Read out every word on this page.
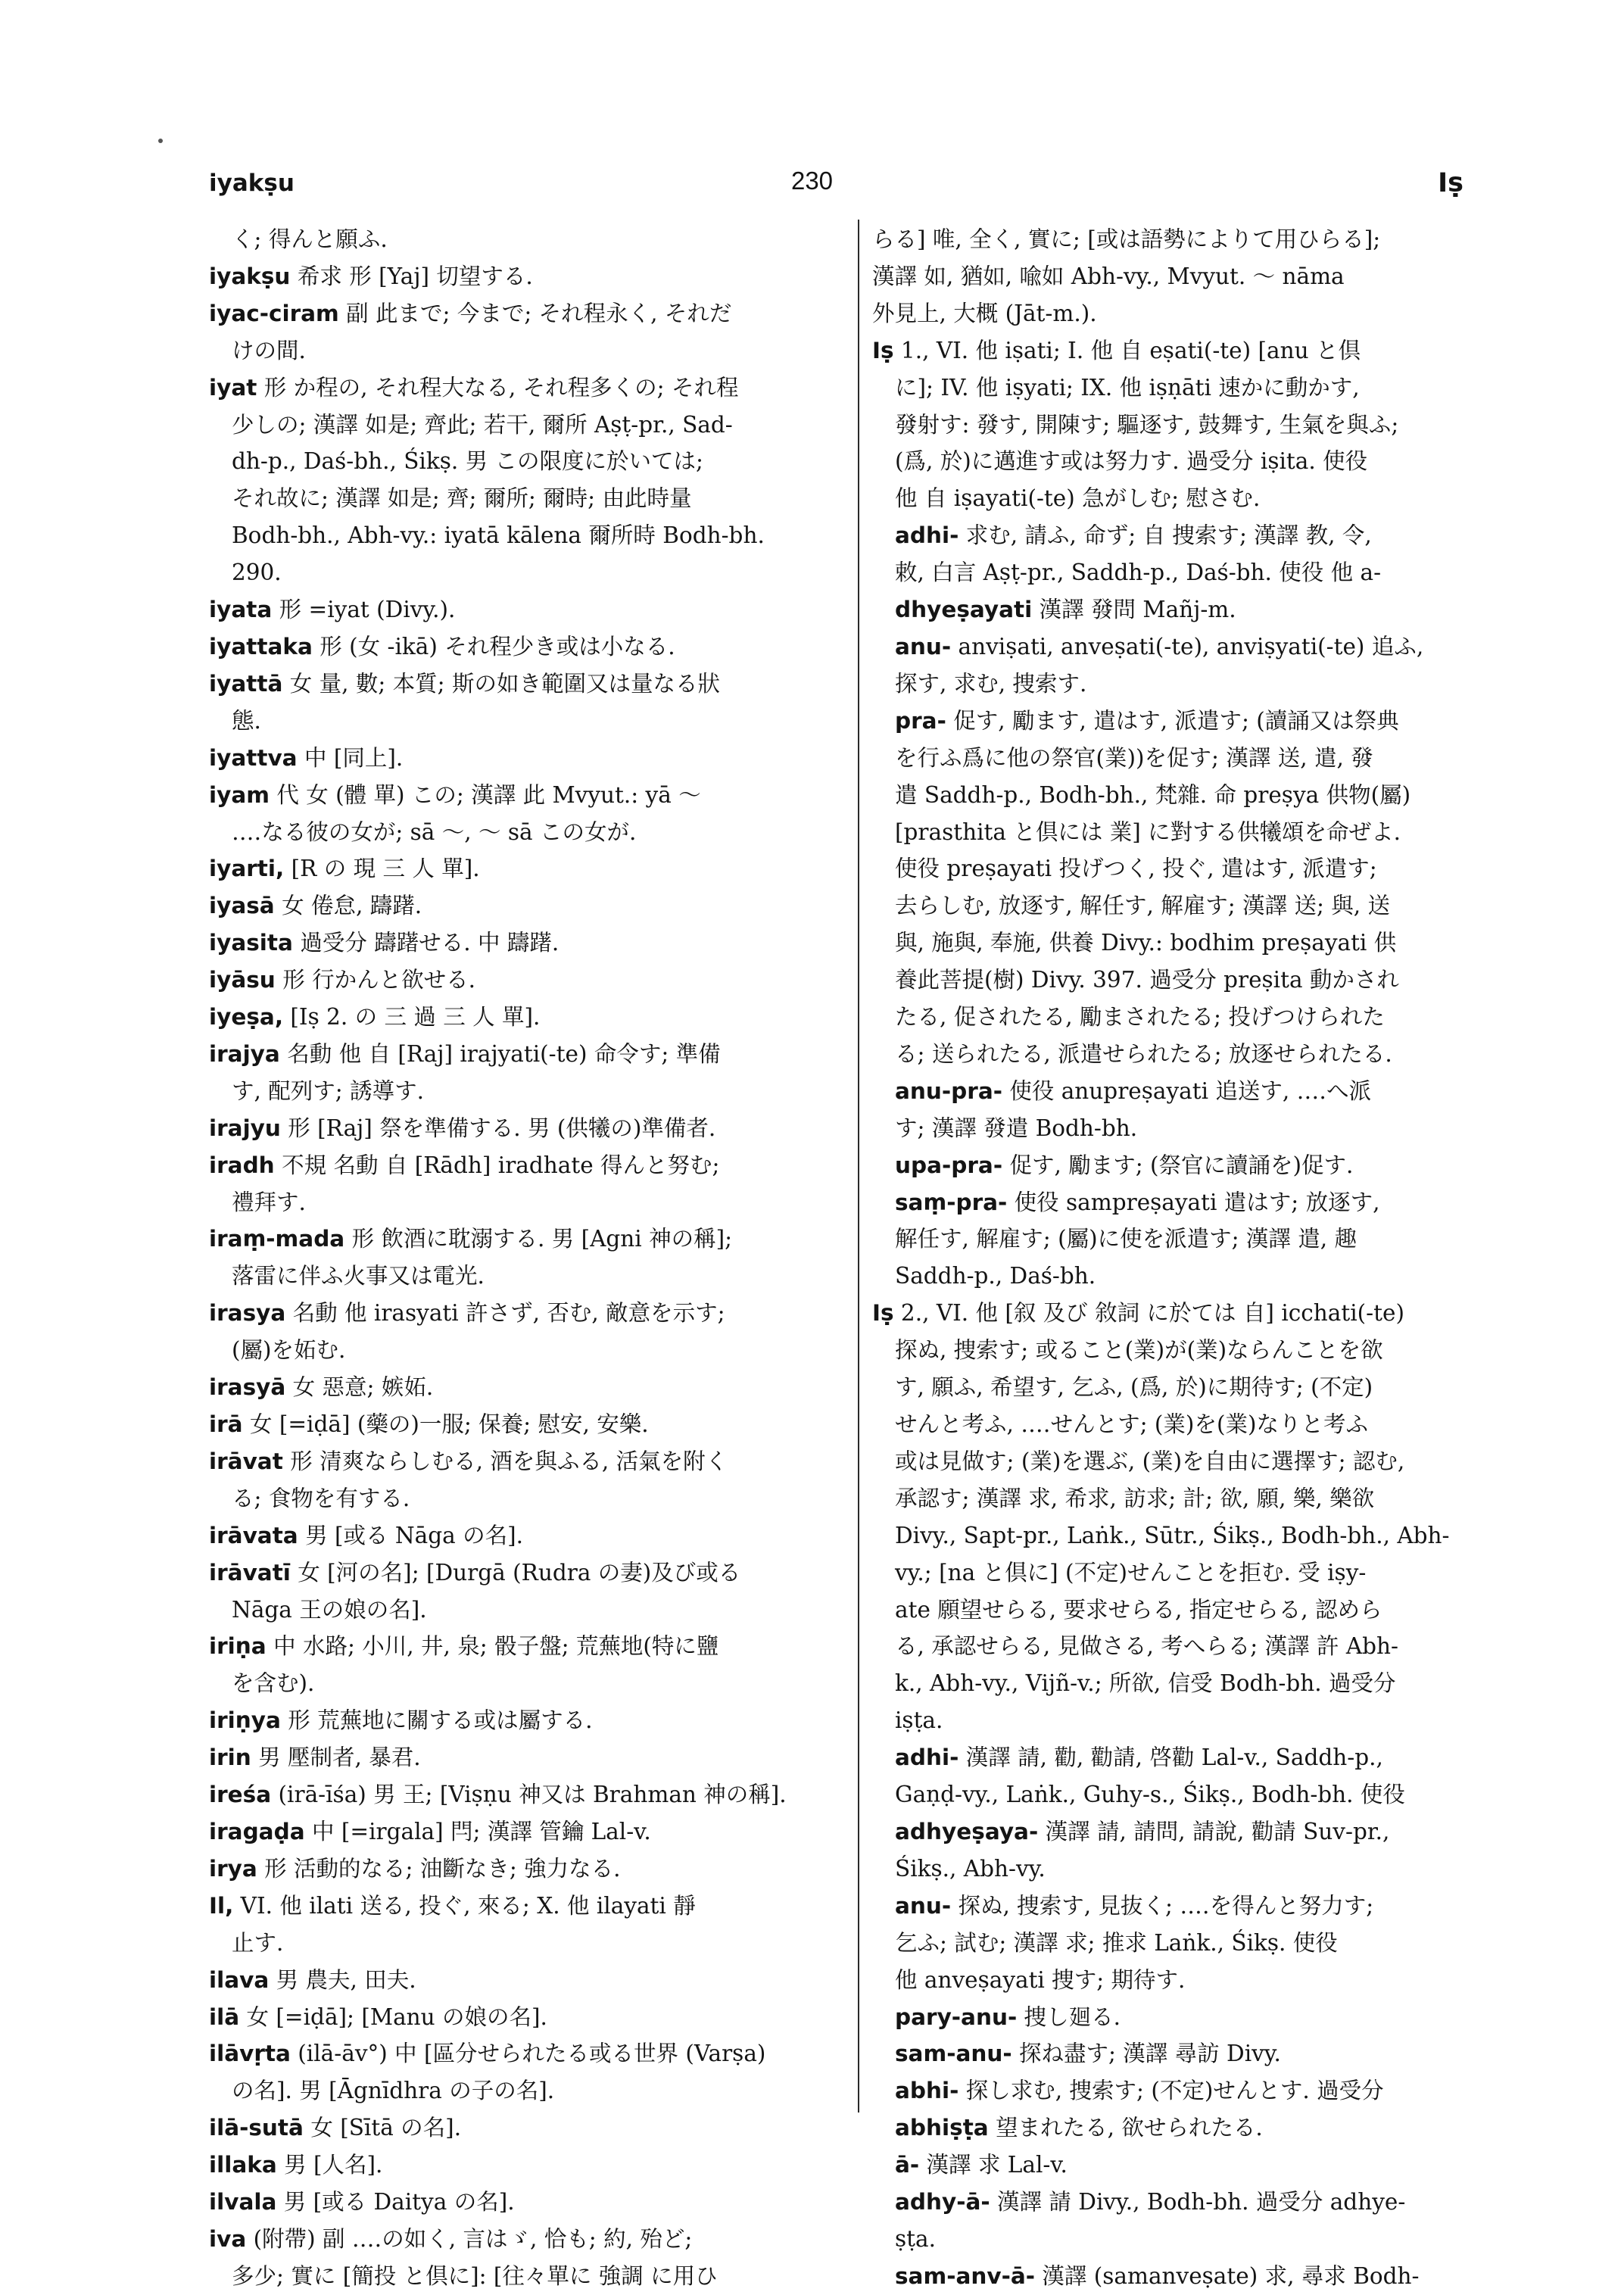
iyakṣu	230	Iṣ
く; 得んと願ふ.
iyakṣu 希求 形 [Yaj] 切望する.
iyac-ciram 副 此まで; 今まで; それ程永く, それだ
けの間.
iyat 形 か程の, それ程大なる, それ程多くの; それ程
少しの; 漢譯 如是; 齊此; 若干, 爾所 Aṣṭ-pr., Sad-
dh-p., Daś-bh., Śikṣ. 男 この限度に於いては;
それ故に; 漢譯 如是; 齊; 爾所; 爾時; 由此時量
Bodh-bh., Abh-vy.: iyatā kālena 爾所時 Bodh-bh.
290.
iyata 形 =iyat (Divy.).
iyattaka 形 (女 -ikā) それ程少き或は小なる.
iyattā 女 量, 數; 本質; 斯の如き範圍又は量なる狀
態.
iyattva 中 [同上].
iyam 代 女 (體 單) この; 漢譯 此 Mvyut.: yā 〜
‥‥なる彼の女が; sā 〜, 〜 sā この女が.
iyarti, [R の 現 三 人 單].
iyasā 女 倦怠, 躊躇.
iyasita 過受分 躊躇せる. 中 躊躇.
iyāsu 形 行かんと欲せる.
iyeṣa, [Iṣ 2. の 三 過 三 人 單].
irajya 名動 他 自 [Raj] irajyati(-te) 命令す; 準備
す, 配列す; 誘導す.
irajyu 形 [Raj] 祭を準備する. 男 (供犧の)準備者.
iradh 不規 名動 自 [Rādh] iradhate 得んと努む;
禮拜す.
iraṃ-mada 形 飲酒に耽溺する. 男 [Agni 神の稱];
落雷に伴ふ火事又は電光.
irasya 名動 他 irasyati 許さず, 否む, 敵意を示す;
(屬)を妬む.
irasyā 女 惡意; 嫉妬.
irā 女 [=iḍā] (藥の)一服; 保養; 慰安, 安樂.
irāvat 形 清爽ならしむる, 酒を與ふる, 活氣を附く
る; 食物を有する.
irāvata 男 [或る Nāga の名].
irāvatī 女 [河の名]; [Durgā (Rudra の妻)及び或る
Nāga 王の娘の名].
iriṇa 中 水路; 小川, 井, 泉; 骰子盤; 荒蕪地(特に鹽
を含む).
iriṇya 形 荒蕪地に關する或は屬する.
irin 男 壓制者, 暴君.
ireśa (irā-īśa) 男 王; [Viṣṇu 神又は Brahman 神の稱].
iragaḍa 中 [=irgala] 閂; 漢譯 管鑰 Lal-v.
irya 形 活動的なる; 油斷なき; 強力なる.
Il, VI. 他 ilati 送る, 投ぐ, 來る; X. 他 ilayati 靜
止す.
ilava 男 農夫, 田夫.
ilā 女 [=iḍā]; [Manu の娘の名].
ilāvṛta (ilā-āv°) 中 [區分せられたる或る世界 (Varṣa)
の名]. 男 [Āgnīdhra の子の名].
ilā-sutā 女 [Sītā の名].
illaka 男 [人名].
ilvala 男 [或る Daitya の名].
iva (附帶) 副 ‥‥の如く, 言はゞ, 恰も; 約, 殆ど;
多少; 實に [簡投 と倶に]: [往々單に 強調 に用ひ
らる] 唯, 全く, 實に; [或は語勢によりて用ひらる];
漢譯 如, 猶如, 喩如 Abh-vy., Mvyut. 〜 nāma
外見上, 大概 (Jāt-m.).
Iṣ 1., VI. 他 iṣati; I. 他 自 eṣati(-te) [anu と倶
に]; IV. 他 iṣyati; IX. 他 iṣṇāti 速かに動かす,
發射す: 發す, 開陳す; 驅逐す, 鼓舞す, 生氣を與ふ;
(爲, 於)に邁進す或は努力す. 過受分 iṣita. 使役
他 自 iṣayati(-te) 急がしむ; 慰さむ.
adhi- 求む, 請ふ, 命ず; 自 捜索す; 漢譯 教, 令,
敕, 白言 Aṣṭ-pr., Saddh-p., Daś-bh. 使役 他 a-
dhyeṣayati 漢譯 發問 Mañj-m.
anu- anviṣati, anveṣati(-te), anviṣyati(-te) 追ふ,
探す, 求む, 捜索す.
pra- 促す, 勵ます, 遣はす, 派遣す; (讀誦又は祭典
を行ふ爲に他の祭官(業))を促す; 漢譯 送, 遣, 發
遣 Saddh-p., Bodh-bh., 梵雜. 命 preṣya 供物(屬)
[prasthita と倶には 業] に對する供犧頌を命ぜよ.
使役 preṣayati 投げつく, 投ぐ, 遣はす, 派遣す;
去らしむ, 放逐す, 解任す, 解雇す; 漢譯 送; 與, 送
與, 施與, 奉施, 供養 Divy.: bodhim preṣayati 供
養此菩提(樹) Divy. 397. 過受分 preṣita 動かされ
たる, 促されたる, 勵まされたる; 投げつけられた
る; 送られたる, 派遣せられたる; 放逐せられたる.
anu-pra- 使役 anupreṣayati 追送す, ‥‥へ派
す; 漢譯 發遣 Bodh-bh.
upa-pra- 促す, 勵ます; (祭官に讀誦を)促す.
saṃ-pra- 使役 sampreṣayati 遣はす; 放逐す,
解任す, 解雇す; (屬)に使を派遣す; 漢譯 遣, 趣
Saddh-p., Daś-bh.
Iṣ 2., VI. 他 [叙 及び 敘詞 に於ては 自] icchati(-te)
探ぬ, 捜索す; 或ること(業)が(業)ならんことを欲
す, 願ふ, 希望す, 乞ふ, (爲, 於)に期待す; (不定)
せんと考ふ, ‥‥せんとす; (業)を(業)なりと考ふ
或は見做す; (業)を選ぶ, (業)を自由に選擇す; 認む,
承認す; 漢譯 求, 希求, 訪求; 計; 欲, 願, 樂, 樂欲
Divy., Sapt-pr., Laṅk., Sūtr., Śikṣ., Bodh-bh., Abh-
vy.; [na と倶に] (不定)せんことを拒む. 受 iṣy-
ate 願望せらる, 要求せらる, 指定せらる, 認めら
る, 承認せらる, 見做さる, 考へらる; 漢譯 許 Abh-
k., Abh-vy., Vijñ-v.; 所欲, 信受 Bodh-bh. 過受分
iṣṭa.
adhi- 漢譯 請, 勸, 勸請, 啓勸 Lal-v., Saddh-p.,
Gaṇḍ-vy., Laṅk., Guhy-s., Śikṣ., Bodh-bh. 使役
adhyeṣaya- 漢譯 請, 請問, 請說, 勸請 Suv-pr.,
Śikṣ., Abh-vy.
anu- 探ぬ, 捜索す, 見抜く; ‥‥を得んと努力す;
乞ふ; 試む; 漢譯 求; 推求 Laṅk., Śikṣ. 使役
他 anveṣayati 捜す; 期待す.
pary-anu- 捜し廻る.
sam-anu- 探ね盡す; 漢譯 尋訪 Divy.
abhi- 探し求む, 捜索す; (不定)せんとす. 過受分
abhiṣṭa 望まれたる, 欲せられたる.
ā- 漢譯 求 Lal-v.
adhy-ā- 漢譯 請 Divy., Bodh-bh. 過受分 adhye-
ṣṭa.
sam-anv-ā- 漢譯 (samanveṣate) 求, 尋求 Bodh-
